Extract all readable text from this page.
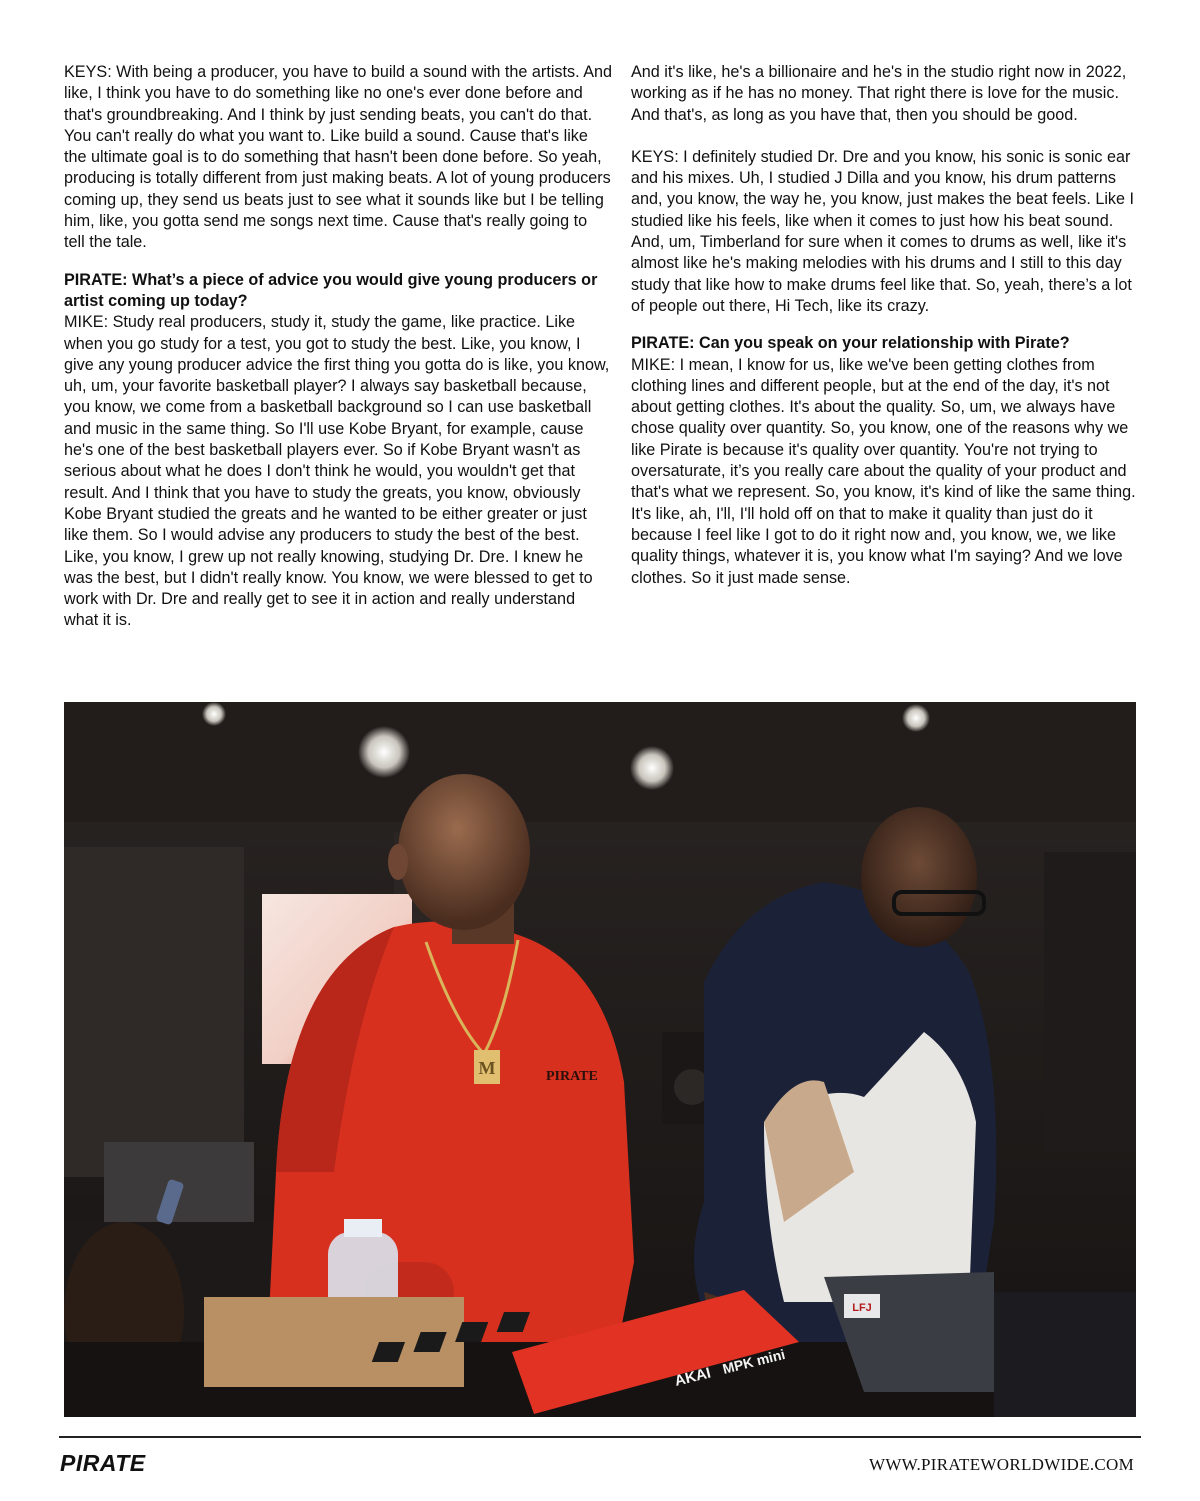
KEYS: With being a producer, you have to build a sound with the artists. And like, I think you have to do something like no one's ever done before and that's groundbreaking. And I think by just sending beats, you can't do that. You can't really do what you want to. Like build a sound. Cause that's like the ultimate goal is to do something that hasn't been done before. So yeah, producing is totally different from just making beats. A lot of young producers coming up, they send us beats just to see what it sounds like but I be telling him, like, you gotta send me songs next time. Cause that's really going to tell the tale.

PIRATE: What’s a piece of advice you would give young producers or artist coming up today?

MIKE: Study real producers, study it, study the game, like practice. Like when you go study for a test, you got to study the best. Like, you know, I give any young producer advice the first thing you gotta do is like, you know, uh, um, your favorite basketball player? I always say basketball because, you know, we come from a basketball background so I can use basketball and music in the same thing. So I'll use Kobe Bryant, for example, cause he's one of the best basketball players ever. So if Kobe Bryant wasn't as serious about what he does I don't think he would, you wouldn't get that result. And I think that you have to study the greats, you know, obviously Kobe Bryant studied the greats and he wanted to be either greater or just like them. So I would advise any producers to study the best of the best. Like, you know, I grew up not really knowing, studying Dr. Dre. I knew he was the best, but I didn't really know. You know, we were blessed to get to work with Dr. Dre and really get to see it in action and really understand what it is.

And it's like, he's a billionaire and he's in the studio right now in 2022, working as if he has no money. That right there is love for the music. And that's, as long as you have that, then you should be good.

KEYS: I definitely studied Dr. Dre and you know, his sonic is sonic ear and his mixes. Uh, I studied J Dilla and you know, his drum patterns and, you know, the way he, you know, just makes the beat feels. Like I studied like his feels, like when it comes to just how his beat sound. And, um, Timberland for sure when it comes to drums as well, like it's almost like he's making melodies with his drums and I still to this day study that like how to make drums feel like that. So, yeah, there’s a lot of people out there, Hi Tech, like its crazy.

PIRATE: Can you speak on your relationship with Pirate?

MIKE: I mean, I know for us, like we've been getting clothes from clothing lines and different people, but at the end of the day, it's not about getting clothes. It's about the quality. So, um, we always have chose quality over quantity. So, you know, one of the reasons why we like Pirate is because it's quality over quantity. You're not trying to oversaturate, it’s you really care about the quality of your product and that's what we represent. So, you know, it's kind of like the same thing. It's like, ah, I'll, I'll hold off on that to make it quality than just do it because I feel like I got to do it right now and, you know, we, we like quality things, whatever it is, you know what I'm saying? And we love clothes. So it just made sense.

M	PIRATE
LFJ
AKAI
MPK mini
PIRATE	WWW.PIRATEWORLDWIDE.COM
